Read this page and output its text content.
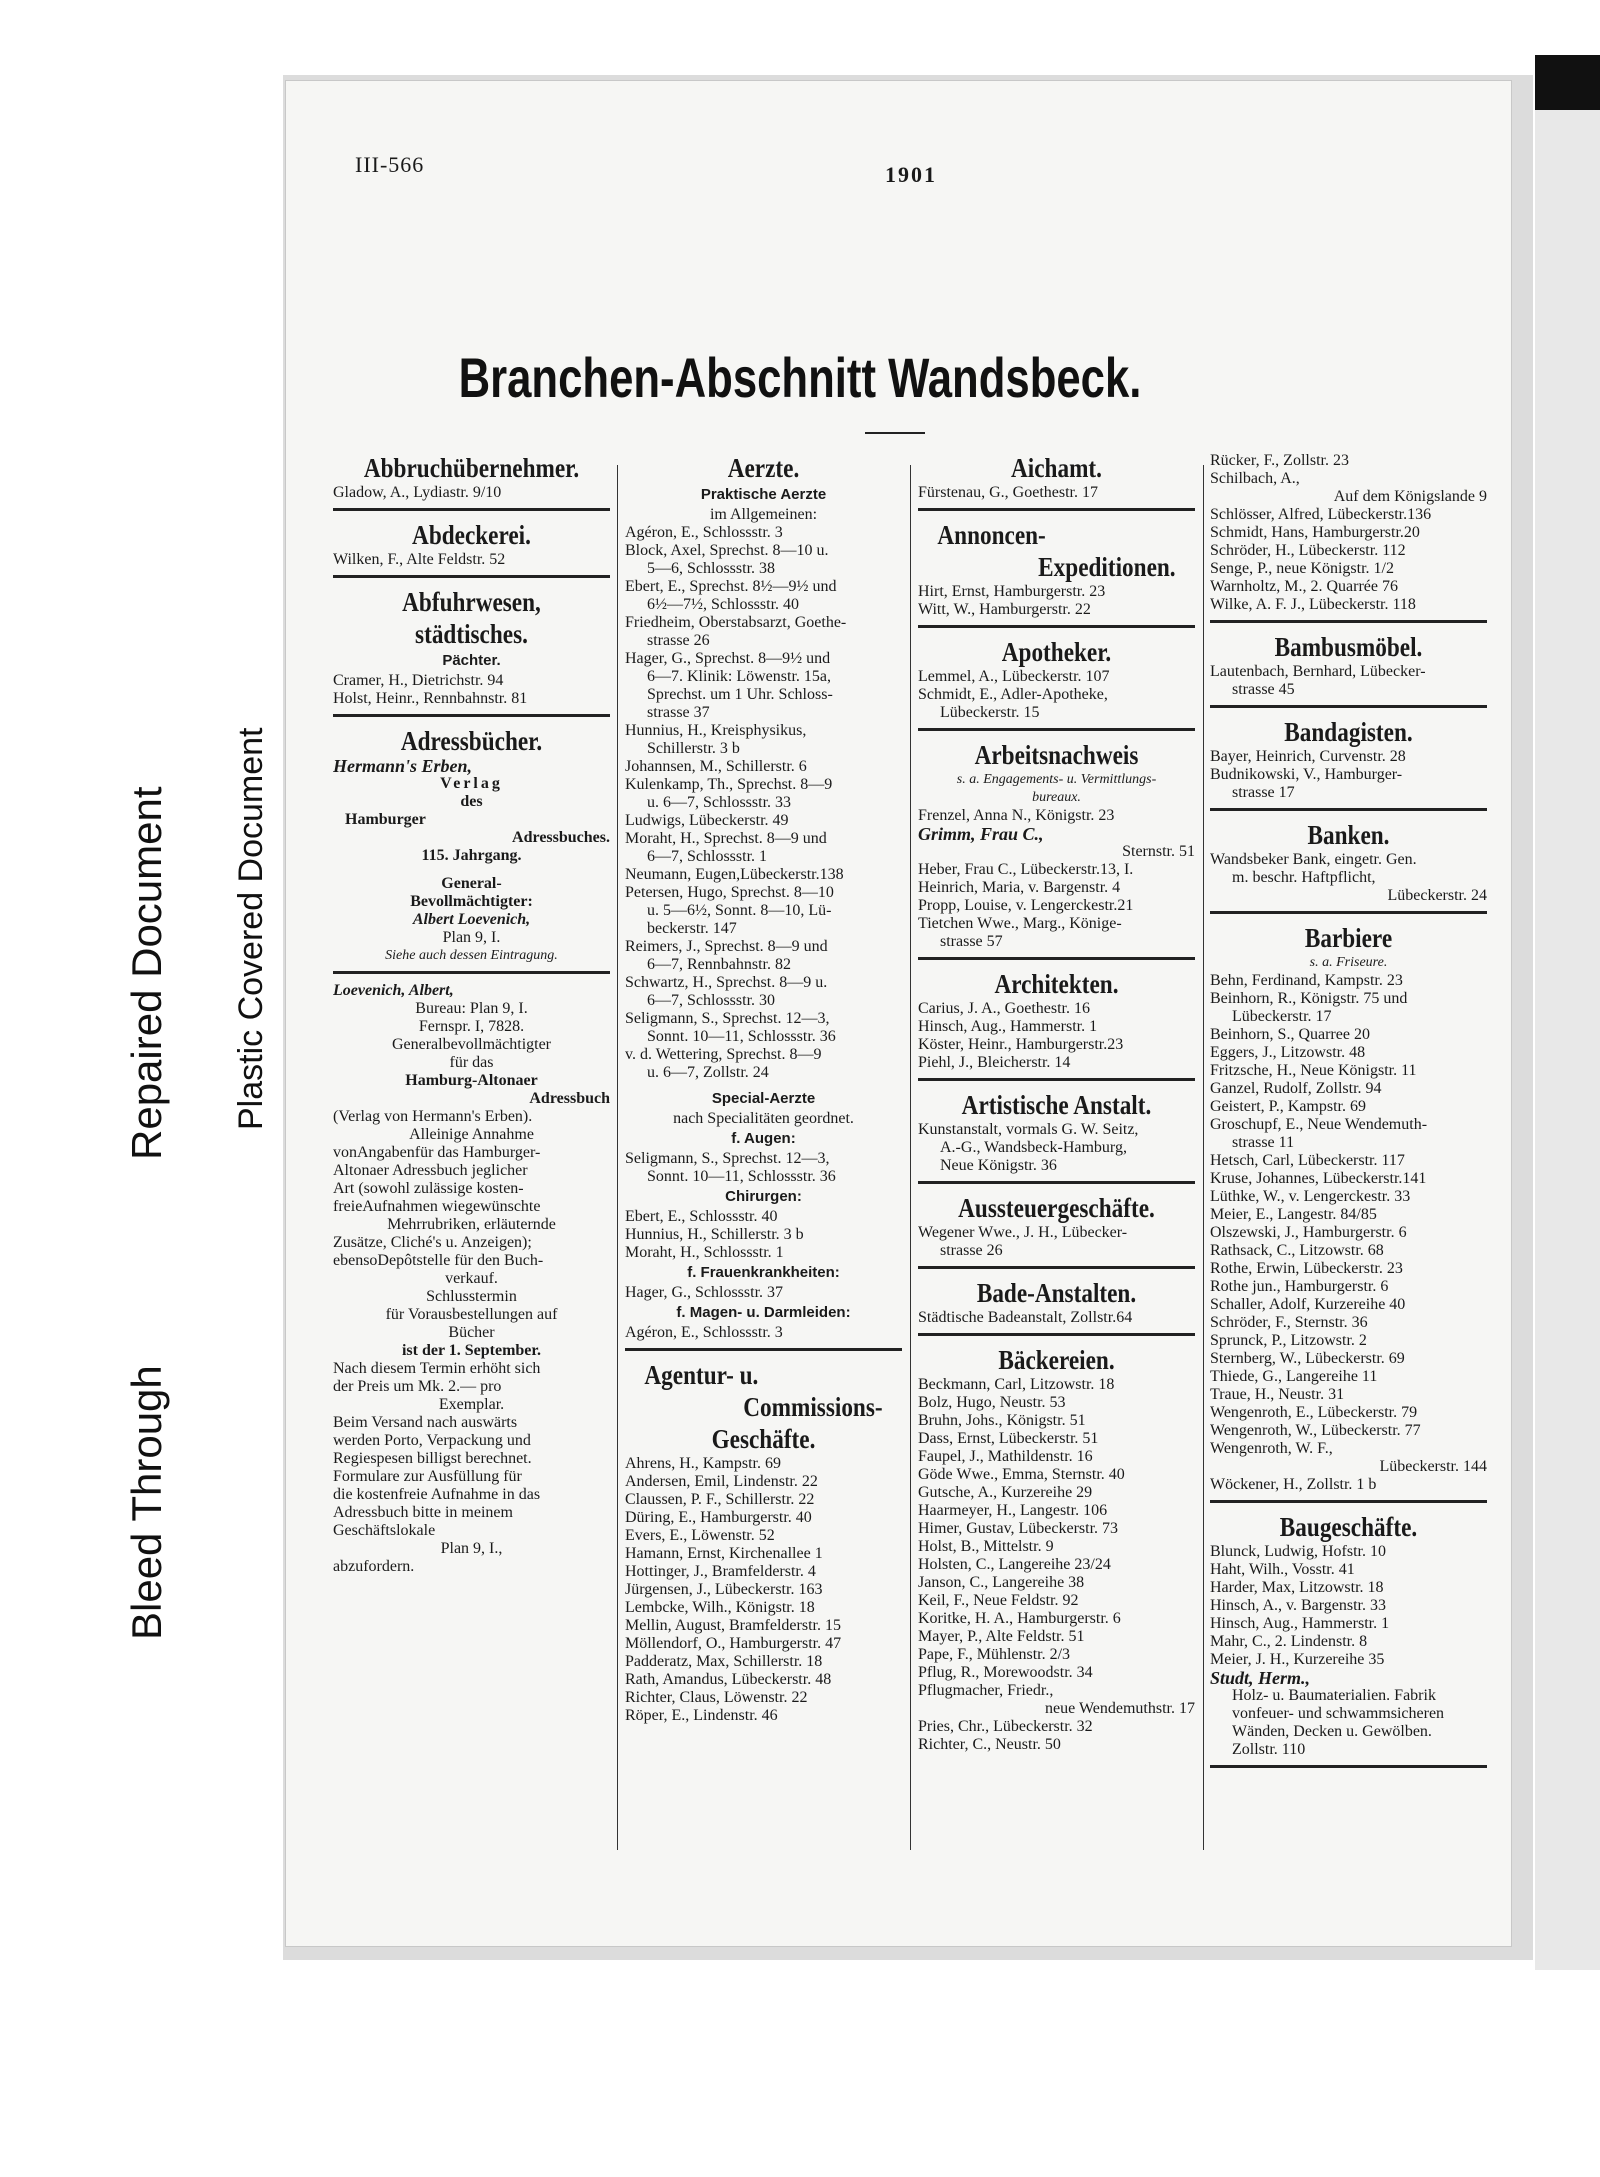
Bleed Through
Repaired Document Plastic Covered Document
III-566	1901
Branchen-Abschnitt Wandsbeck.
Abbruchübernehmer.
Gladow, A., Lydiastr. 9/10
Abdeckerei.
Wilken, F., Alte Feldstr. 52
Abfuhrwesen,
städtisches.
Pächter.
Cramer, H., Dietrichstr. 94
Holst, Heinr., Rennbahnstr. 81
Adressbücher.
Hermann's Erben,
Verlag
des
Hamburger
Adressbuches.
115. Jahrgang.
General-
Bevollmächtigter:
Albert Loevenich,
Plan 9, I.
Siehe auch dessen Eintragung.
Loevenich, Albert,
Bureau: Plan 9, I.
Fernspr. I, 7828.
Generalbevollmächtigter
für das
Hamburg-Altonaer
Adressbuch
(Verlag von Hermann's Erben).
Alleinige Annahme
vonAngabenfür das Hamburger-
Altonaer Adressbuch jeglicher
Art (sowohl zulässige kosten-
freieAufnahmen wiegewünschte
Mehrrubriken, erläuternde
Zusätze, Cliché's u. Anzeigen);
ebensoDepôtstelle für den Buch-
verkauf.
Schlusstermin
für Vorausbestellungen auf
Bücher
ist der 1. September.
Nach diesem Termin erhöht sich
der Preis um Mk. 2.— pro
Exemplar.
Beim Versand nach auswärts
werden Porto, Verpackung und
Regiespesen billigst berechnet.
Formulare zur Ausfüllung für
die kostenfreie Aufnahme in das
Adressbuch bitte in meinem
Geschäftslokale
Plan 9, I.,
abzufordern.
Aerzte.
Praktische Aerzte
im Allgemeinen:
Agéron, E., Schlossstr. 3
Block, Axel, Sprechst. 8—10 u.
5—6, Schlossstr. 38
Ebert, E., Sprechst. 8½—9½ und
6½—7½, Schlossstr. 40
Friedheim, Oberstabsarzt, Goethe-
strasse 26
Hager, G., Sprechst. 8—9½ und
6—7. Klinik: Löwenstr. 15a,
Sprechst. um 1 Uhr. Schloss-
strasse 37
Hunnius, H., Kreisphysikus,
Schillerstr. 3 b
Johannsen, M., Schillerstr. 6
Kulenkamp, Th., Sprechst. 8—9
u. 6—7, Schlossstr. 33
Ludwigs, Lübeckerstr. 49
Moraht, H., Sprechst. 8—9 und
6—7, Schlossstr. 1
Neumann, Eugen,Lübeckerstr.138
Petersen, Hugo, Sprechst. 8—10
u. 5—6½, Sonnt. 8—10, Lü-
beckerstr. 147
Reimers, J., Sprechst. 8—9 und
6—7, Rennbahnstr. 82
Schwartz, H., Sprechst. 8—9 u.
6—7, Schlossstr. 30
Seligmann, S., Sprechst. 12—3,
Sonnt. 10—11, Schlossstr. 36
v. d. Wettering, Sprechst. 8—9
u. 6—7, Zollstr. 24
Special-Aerzte
nach Specialitäten geordnet.
f. Augen:
Seligmann, S., Sprechst. 12—3,
Sonnt. 10—11, Schlossstr. 36
Chirurgen:
Ebert, E., Schlossstr. 40
Hunnius, H., Schillerstr. 3 b
Moraht, H., Schlossstr. 1
f. Frauenkrankheiten:
Hager, G., Schlossstr. 37
f. Magen- u. Darmleiden:
Agéron, E., Schlossstr. 3
Agentur- u.
Commissions-
Geschäfte.
Ahrens, H., Kampstr. 69
Andersen, Emil, Lindenstr. 22
Claussen, P. F., Schillerstr. 22
Düring, E., Hamburgerstr. 40
Evers, E., Löwenstr. 52
Hamann, Ernst, Kirchenallee 1
Hottinger, J., Bramfelderstr. 4
Jürgensen, J., Lübeckerstr. 163
Lembcke, Wilh., Königstr. 18
Mellin, August, Bramfelderstr. 15
Möllendorf, O., Hamburgerstr. 47
Padderatz, Max, Schillerstr. 18
Rath, Amandus, Lübeckerstr. 48
Richter, Claus, Löwenstr. 22
Röper, E., Lindenstr. 46
Aichamt.
Fürstenau, G., Goethestr. 17
Annoncen-
Expeditionen.
Hirt, Ernst, Hamburgerstr. 23
Witt, W., Hamburgerstr. 22
Apotheker.
Lemmel, A., Lübeckerstr. 107
Schmidt, E., Adler-Apotheke,
Lübeckerstr. 15
Arbeitsnachweis
s. a. Engagements- u. Vermittlungs-
bureaux.
Frenzel, Anna N., Königstr. 23
Grimm, Frau C.,
Sternstr. 51
Heber, Frau C., Lübeckerstr.13, I.
Heinrich, Maria, v. Bargenstr. 4
Propp, Louise, v. Lengerckestr.21
Tietchen Wwe., Marg., Könige-
strasse 57
Architekten.
Carius, J. A., Goethestr. 16
Hinsch, Aug., Hammerstr. 1
Köster, Heinr., Hamburgerstr.23
Piehl, J., Bleicherstr. 14
Artistische Anstalt.
Kunstanstalt, vormals G. W. Seitz,
A.-G., Wandsbeck-Hamburg,
Neue Königstr. 36
Aussteuergeschäfte.
Wegener Wwe., J. H., Lübecker-
strasse 26
Bade-Anstalten.
Städtische Badeanstalt, Zollstr.64
Bäckereien.
Beckmann, Carl, Litzowstr. 18
Bolz, Hugo, Neustr. 53
Bruhn, Johs., Königstr. 51
Dass, Ernst, Lübeckerstr. 51
Faupel, J., Mathildenstr. 16
Göde Wwe., Emma, Sternstr. 40
Gutsche, A., Kurzereihe 29
Haarmeyer, H., Langestr. 106
Himer, Gustav, Lübeckerstr. 73
Holst, B., Mittelstr. 9
Holsten, C., Langereihe 23/24
Janson, C., Langereihe 38
Keil, F., Neue Feldstr. 92
Koritke, H. A., Hamburgerstr. 6
Mayer, P., Alte Feldstr. 51
Pape, F., Mühlenstr. 2/3
Pflug, R., Morewoodstr. 34
Pflugmacher, Friedr.,
neue Wendemuthstr. 17
Pries, Chr., Lübeckerstr. 32
Richter, C., Neustr. 50
Rücker, F., Zollstr. 23
Schilbach, A.,
Auf dem Königslande 9
Schlösser, Alfred, Lübeckerstr.136
Schmidt, Hans, Hamburgerstr.20
Schröder, H., Lübeckerstr. 112
Senge, P., neue Königstr. 1/2
Warnholtz, M., 2. Quarrée 76
Wilke, A. F. J., Lübeckerstr. 118
Bambusmöbel.
Lautenbach, Bernhard, Lübecker-
strasse 45
Bandagisten.
Bayer, Heinrich, Curvenstr. 28
Budnikowski, V., Hamburger-
strasse 17
Banken.
Wandsbeker Bank, eingetr. Gen.
m. beschr. Haftpflicht,
Lübeckerstr. 24
Barbiere
s. a. Friseure.
Behn, Ferdinand, Kampstr. 23
Beinhorn, R., Königstr. 75 und
Lübeckerstr. 17
Beinhorn, S., Quarree 20
Eggers, J., Litzowstr. 48
Fritzsche, H., Neue Königstr. 11
Ganzel, Rudolf, Zollstr. 94
Geistert, P., Kampstr. 69
Groschupf, E., Neue Wendemuth-
strasse 11
Hetsch, Carl, Lübeckerstr. 117
Kruse, Johannes, Lübeckerstr.141
Lüthke, W., v. Lengerckestr. 33
Meier, E., Langestr. 84/85
Olszewski, J., Hamburgerstr. 6
Rathsack, C., Litzowstr. 68
Rothe, Erwin, Lübeckerstr. 23
Rothe jun., Hamburgerstr. 6
Schaller, Adolf, Kurzereihe 40
Schröder, F., Sternstr. 36
Sprunck, P., Litzowstr. 2
Sternberg, W., Lübeckerstr. 69
Thiede, G., Langereihe 11
Traue, H., Neustr. 31
Wengenroth, E., Lübeckerstr. 79
Wengenroth, W., Lübeckerstr. 77
Wengenroth, W. F.,
Lübeckerstr. 144
Wöckener, H., Zollstr. 1 b
Baugeschäfte.
Blunck, Ludwig, Hofstr. 10
Haht, Wilh., Vosstr. 41
Harder, Max, Litzowstr. 18
Hinsch, A., v. Bargenstr. 33
Hinsch, Aug., Hammerstr. 1
Mahr, C., 2. Lindenstr. 8
Meier, J. H., Kurzereihe 35
Studt, Herm.,
Holz- u. Baumaterialien. Fabrik
vonfeuer- und schwammsicheren
Wänden, Decken u. Gewölben.
Zollstr. 110
